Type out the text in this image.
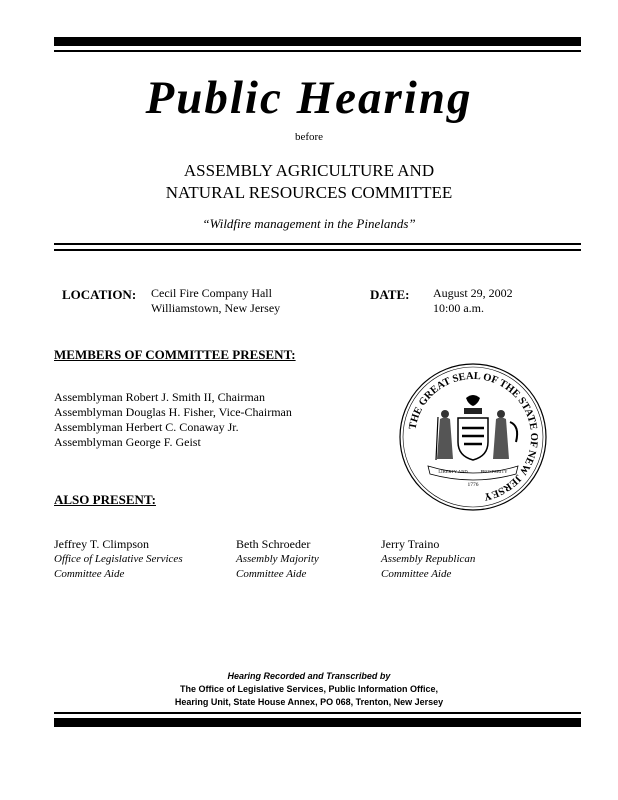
Public Hearing
before
ASSEMBLY AGRICULTURE AND
NATURAL RESOURCES COMMITTEE
“Wildfire management in the Pinelands”
LOCATION: Cecil Fire Company Hall
Williamstown, New Jersey
DATE: August 29, 2002
10:00 a.m.
MEMBERS OF COMMITTEE PRESENT:
Assemblyman Robert J. Smith II, Chairman
Assemblyman Douglas H. Fisher, Vice-Chairman
Assemblyman Herbert C. Conaway Jr.
Assemblyman George F. Geist
THE GREAT SEAL OF THE STATE OF NEW JERSEY
LIBERTY AND	PROSPERITY
1776
ALSO PRESENT:
Jeffrey T. Climpson
Office of Legislative Services
Committee Aide
Beth Schroeder
Assembly Majority
Committee Aide
Jerry Traino
Assembly Republican
Committee Aide
Hearing Recorded and Transcribed by
The Office of Legislative Services, Public Information Office,
Hearing Unit, State House Annex, PO 068, Trenton, New Jersey
